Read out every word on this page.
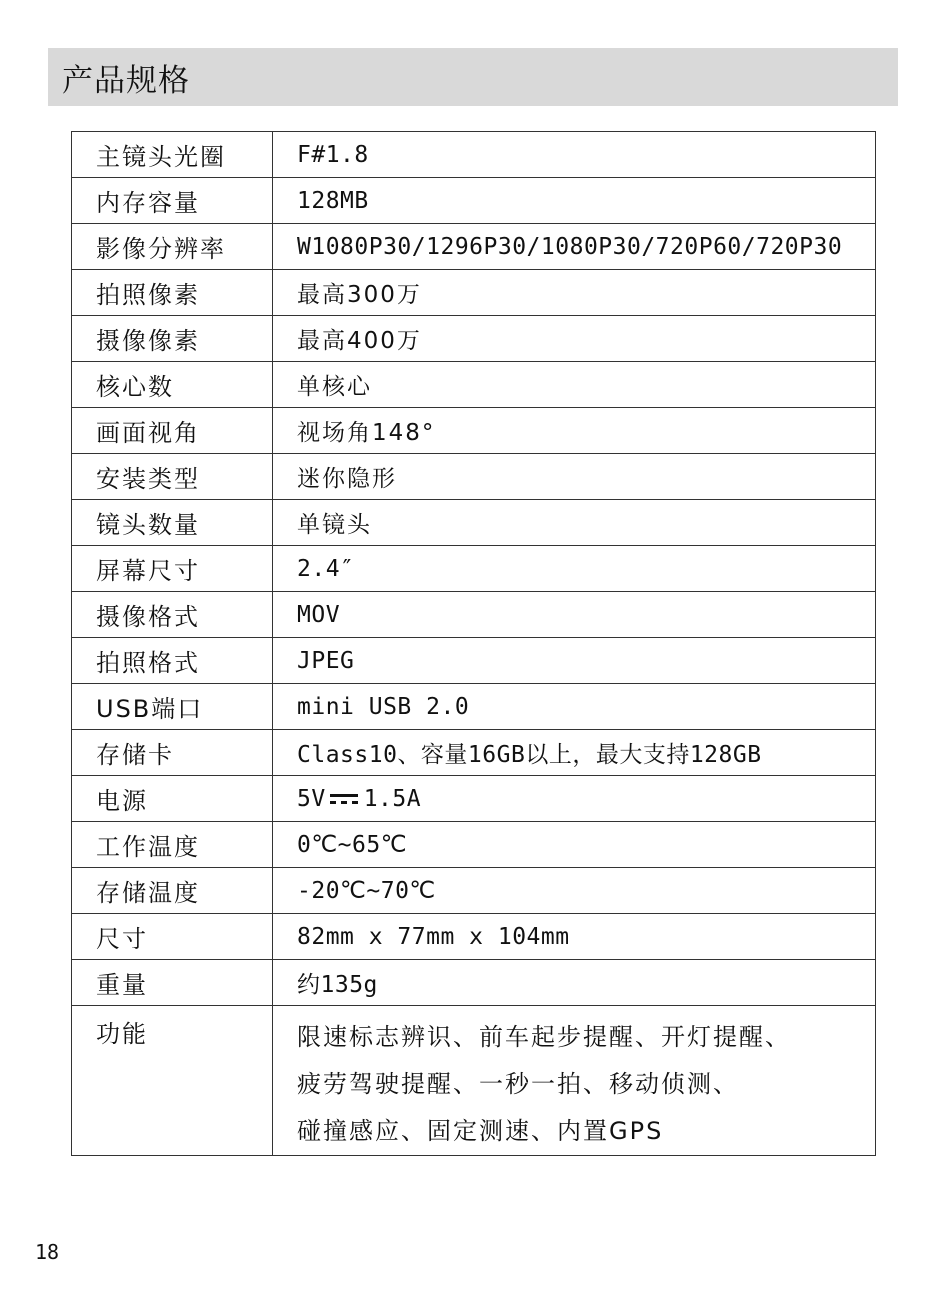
产品规格
主镜头光圈	F#1.8
内存容量	128MB
影像分辨率	W1080P30/1296P30/1080P30/720P60/720P30
拍照像素	最高300万
摄像像素	最高400万
核心数	单核心
画面视角	视场角148°
安装类型	迷你隐形
镜头数量	单镜头
屏幕尺寸	2.4″
摄像格式	MOV
拍照格式	JPEG
USB端口	mini USB 2.0
存储卡	Class10、容量16GB以上，最大支持128GB
电源	5V 1.5A
工作温度	0℃~65℃
存储温度	-20℃~70℃
尺寸	82mm x 77mm x 104mm
重量	约135g
功能	限速标志辨识、前车起步提醒、开灯提醒、
疲劳驾驶提醒、一秒一拍、移动侦测、
碰撞感应、固定测速、内置GPS
18
